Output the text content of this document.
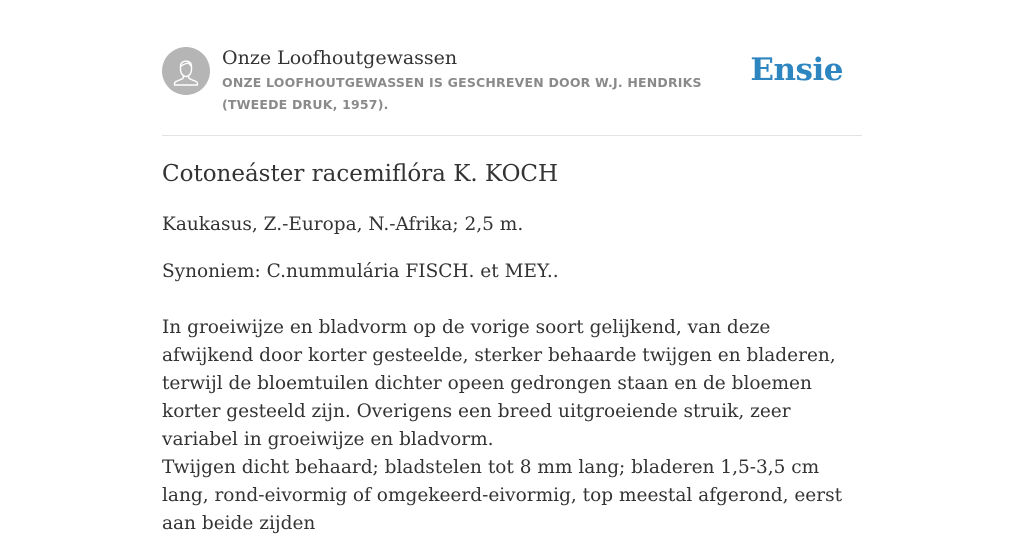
Onze Loofhoutgewassen
ONZE LOOFHOUTGEWASSEN IS GESCHREVEN DOOR W.J. HENDRIKS (TWEEDE DRUK, 1957).
Ensie
Cotoneáster racemiflóra K. KOCH
Kaukasus, Z.-Europa, N.-Afrika; 2,5 m.
Synoniem: C.nummulária FISCH. et MEY..
In groeiwijze en bladvorm op de vorige soort gelijkend, van deze afwijkend door korter gesteelde, sterker behaarde twijgen en bladeren, terwijl de bloemtuilen dichter opeen gedrongen staan en de bloemen korter gesteeld zijn. Overigens een breed uitgroeiende struik, zeer variabel in groeiwijze en bladvorm.
Twijgen dicht behaard; bladstelen tot 8 mm lang; bladeren 1,5-3,5 cm lang, rond-eivormig of omgekeerd-eivormig, top meestal afgerond, eerst aan beide zijden
